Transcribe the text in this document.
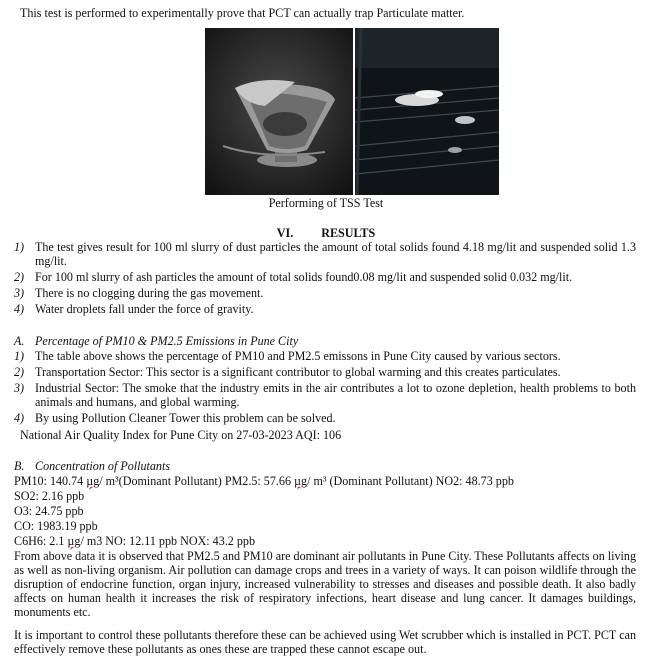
This test is performed to experimentally prove that PCT can actually trap Particulate matter.
Performing of TSS Test
VI. RESULTS
1) The test gives result for 100 ml slurry of dust particles the amount of total solids found 4.18 mg/lit and suspended solid 1.3 mg/lit.
2) For 100 ml slurry of ash particles the amount of total solids found0.08 mg/lit and suspended solid 0.032 mg/lit.
3) There is no clogging during the gas movement.
4) Water droplets fall under the force of gravity.
A. Percentage of PM10 & PM2.5 Emissions in Pune City
1) The table above shows the percentage of PM10 and PM2.5 emissons in Pune City caused by various sectors.
2) Transportation Sector: This sector is a significant contributor to global warming and this creates particulates.
3) Industrial Sector: The smoke that the industry emits in the air contributes a lot to ozone depletion, health problems to both animals and humans, and global warming.
4) By using Pollution Cleaner Tower this problem can be solved.
National Air Quality Index for Pune City on 27-03-2023 AQI: 106
B. Concentration of Pollutants
PM10: 140.74 µg/ m³(Dominant Pollutant) PM2.5: 57.66 µg/ m³ (Dominant Pollutant) NO2: 48.73 ppb
SO2: 2.16 ppb
O3: 24.75 ppb
CO: 1983.19 ppb
C6H6: 2.1 µg/ m3 NO: 12.11 ppb NOX: 43.2 ppb

From above data it is observed that PM2.5 and PM10 are dominant air pollutants in Pune City. These Pollutants affects on living as well as non-living organism. Air pollution can damage crops and trees in a variety of ways. It can poison wildlife through the disruption of endocrine function, organ injury, increased vulnerability to stresses and diseases and possible death. It also badly affects on human health it increases the risk of respiratory infections, heart disease and lung cancer. It damages buildings, monuments etc.

It is important to control these pollutants therefore these can be achieved using Wet scrubber which is installed in PCT. PCT can effectively remove these pollutants as ones these are trapped these cannot escape out.
